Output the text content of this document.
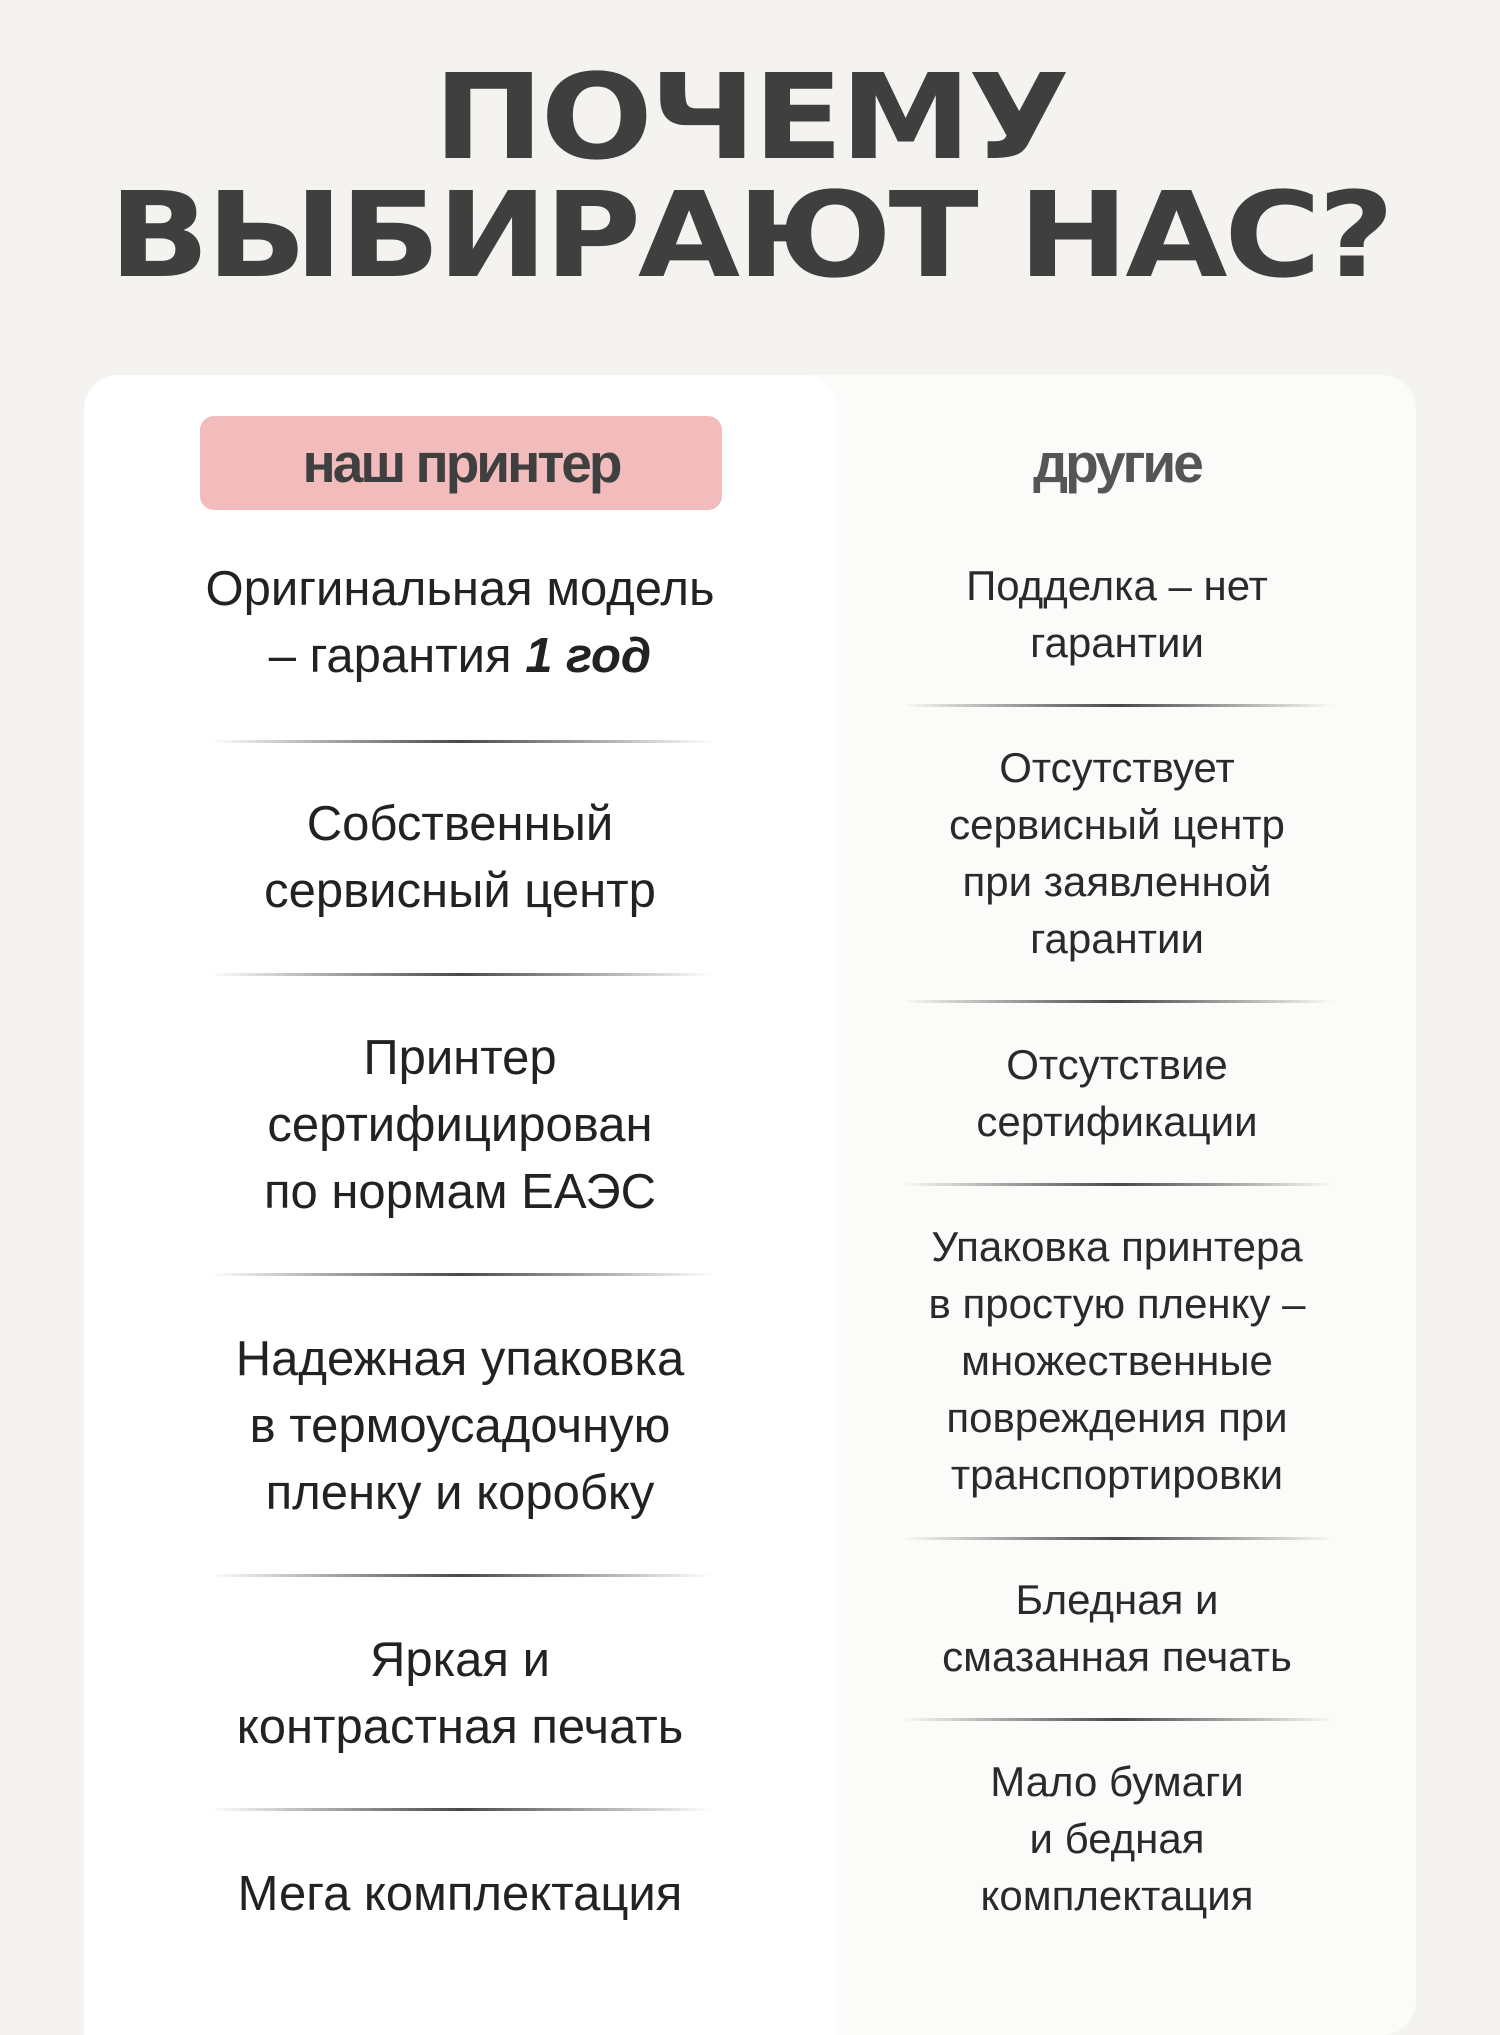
ПОЧЕМУ
ВЫБИРАЮТ НАС?
наш принтер	другие
Оригинальная модель
– гарантия 1 год
Собственный
сервисный центр
Принтер
сертифицирован
по нормам ЕАЭС
Надежная упаковка
в термоусадочную
пленку и коробку
Яркая и
контрастная печать
Мега комплектация
Подделка – нет
гарантии
Отсутствует
сервисный центр
при заявленной
гарантии
Отсутствие
сертификации
Упаковка принтера
в простую пленку –
множественные
повреждения при
транспортировки
Бледная и
смазанная печать
Мало бумаги
и бедная
комплектация
